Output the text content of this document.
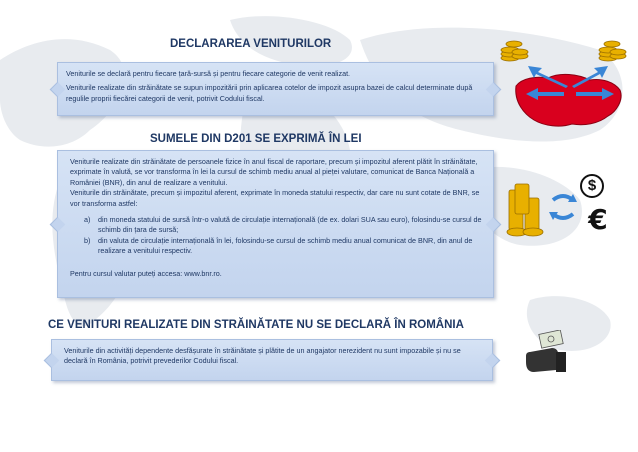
DECLARAREA VENITURILOR

Veniturile se declară pentru fiecare țară-sursă și pentru fiecare categorie de venit realizat.

Veniturile realizate din străinătate se supun impozitării prin aplicarea cotelor de impozit asupra bazei de calcul determinate după regulile proprii fiecărei categorii de venit, potrivit Codului fiscal.

SUMELE DIN D201 SE EXPRIMĂ ÎN LEI

Veniturile realizate din străinătate de persoanele fizice în anul fiscal de raportare, precum și impozitul aferent plătit în străinătate, exprimate în valută, se vor transforma în lei la cursul de schimb mediu anual al pieței valutare, comunicat de Banca Națională a României (BNR), din anul de realizare a venitului.

Veniturile din străinătate, precum și impozitul aferent, exprimate în moneda statului respectiv, dar care nu sunt cotate de BNR, se vor transforma astfel:

a)	din moneda statului de sursă într-o valută de circulație internațională (de ex. dolari SUA sau euro), folosindu-se cursul de schimb din țara de sursă;
b)	din valuta de circulație internațională în lei, folosindu-se cursul de schimb mediu anual comunicat de BNR, din anul de realizare a venitului respectiv.

Pentru cursul valutar puteți accesa: www.bnr.ro.

CE VENITURI REALIZATE DIN STRĂINĂTATE NU SE DECLARĂ ÎN ROMÂNIA

Veniturile din activități dependente desfășurate în străinătate și plătite de un angajator nerezident nu sunt impozabile și nu se declară în România, potrivit prevederilor Codului fiscal.

$
€
